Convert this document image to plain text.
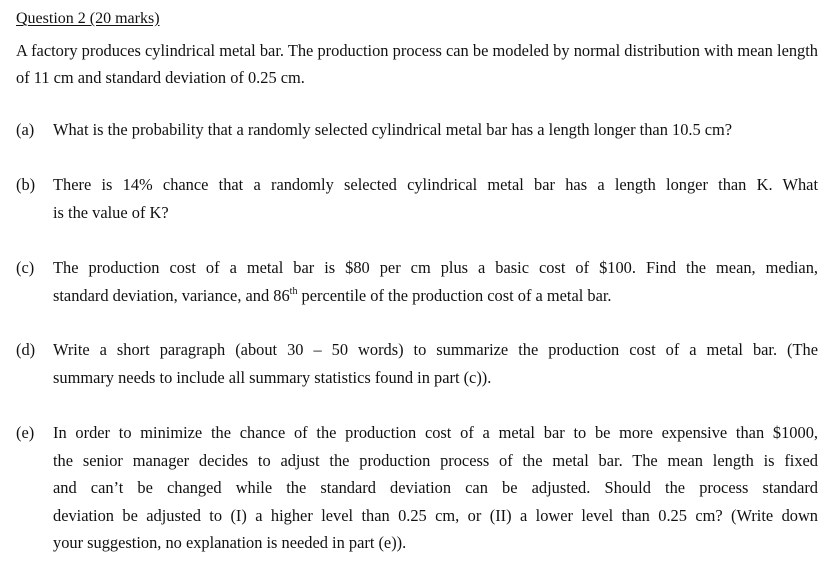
Question 2 (20 marks)
A factory produces cylindrical metal bar. The production process can be modeled by normal distribution with mean length of 11 cm and standard deviation of 0.25 cm.
(a)	What is the probability that a randomly selected cylindrical metal bar has a length longer than 10.5 cm?
(b)	There is 14% chance that a randomly selected cylindrical metal bar has a length longer than K. What
is the value of K?
(c)	The production cost of a metal bar is $80 per cm plus a basic cost of $100. Find the mean, median,
standard deviation, variance, and 86th percentile of the production cost of a metal bar.
(d)	Write a short paragraph (about 30 – 50 words) to summarize the production cost of a metal bar. (The
summary needs to include all summary statistics found in part (c)).
(e)	In order to minimize the chance of the production cost of a metal bar to be more expensive than $1000,
the senior manager decides to adjust the production process of the metal bar. The mean length is fixed
and can’t be changed while the standard deviation can be adjusted. Should the process standard
deviation be adjusted to (I) a higher level than 0.25 cm, or (II) a lower level than 0.25 cm? (Write down
your suggestion, no explanation is needed in part (e)).
